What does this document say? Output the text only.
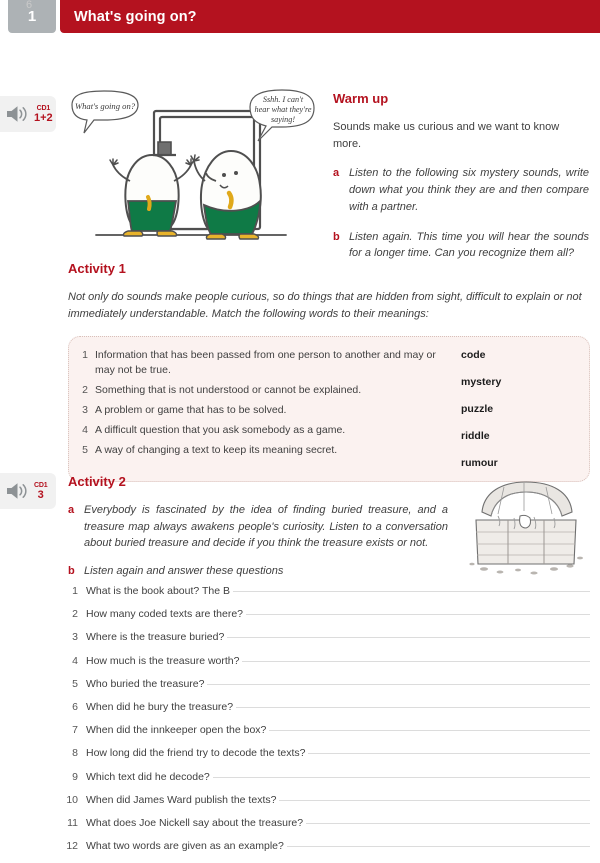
1	What's going on?
CD1
1+2
What's going on?
Sshh. I can't
hear what they're
saying!
Warm up

Sounds make us curious and we want to know more.

a Listen to the following six mystery sounds, write down what you think they are and then compare with a partner.
b Listen again. This time you will hear the sounds for a longer time. Can you recognize them all?
Activity 1

Not only do sounds make people curious, so do things that are hidden from sight, difficult to explain or not immediately understandable. Match the following words to their meanings:

1 Information that has been passed from one person to another and may or may not be true.
2 Something that is not understood or cannot be explained.
3 A problem or game that has to be solved.
4 A difficult question that you ask somebody as a game.
5 A way of changing a text to keep its meaning secret.
code
mystery
puzzle
riddle
rumour
CD1
3
Activity 2
a Everybody is fascinated by the idea of finding buried treasure, and a treasure map always awakens people's curiosity. Listen to a conversation about buried treasure and decide if you think the treasure exists or not.
b Listen again and answer these questions
1 What is the book about? The B
2 How many coded texts are there?
3 Where is the treasure buried?
4 How much is the treasure worth?
5 Who buried the treasure?
6 When did he bury the treasure?
7 When did the innkeeper open the box?
8 How long did the friend try to decode the texts?
9 Which text did he decode?
10 When did James Ward publish the texts?
11 What does Joe Nickell say about the treasure?
12 What two words are given as an example?
6
